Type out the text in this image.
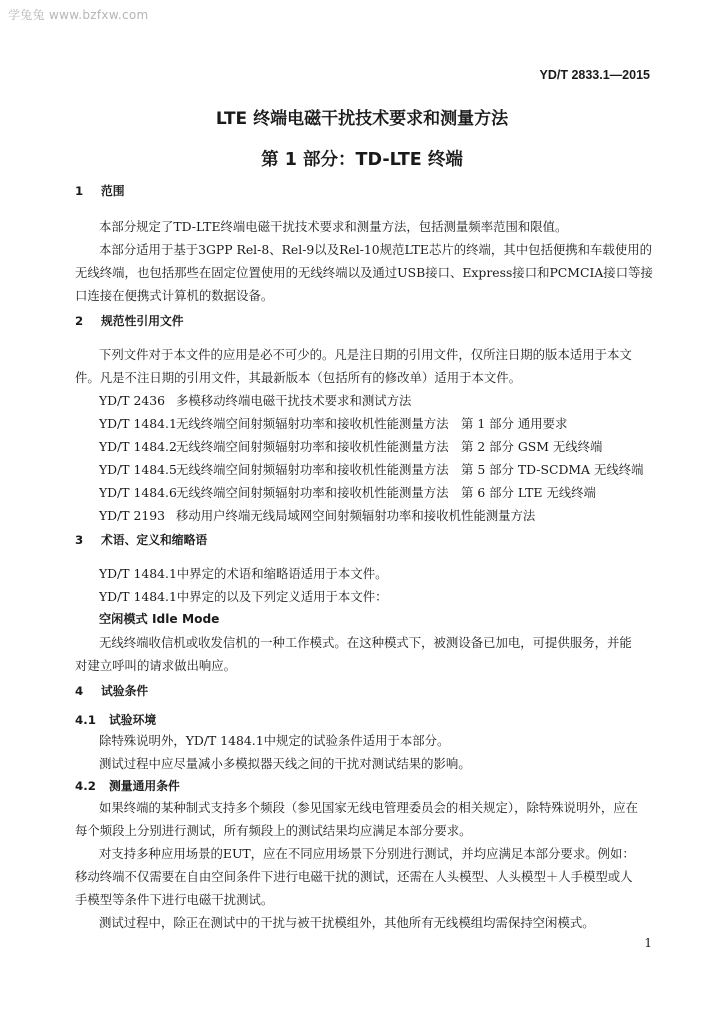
学兔兔 www.bzfxw.com
YD/T 2833.1—2015
LTE 终端电磁干扰技术要求和测量方法
第 1 部分：TD-LTE 终端
1 范围
本部分规定了TD-LTE终端电磁干扰技术要求和测量方法，包括测量频率范围和限值。
本部分适用于基于3GPP Rel-8、Rel-9以及Rel-10规范LTE芯片的终端，其中包括便携和车载使用的
无线终端，也包括那些在固定位置使用的无线终端以及通过USB接口、Express接口和PCMCIA接口等接
口连接在便携式计算机的数据设备。
2 规范性引用文件
下列文件对于本文件的应用是必不可少的。凡是注日期的引用文件，仅所注日期的版本适用于本文
件。凡是不注日期的引用文件，其最新版本（包括所有的修改单）适用于本文件。
YD/T 2436 多模移动终端电磁干扰技术要求和测试方法
YD/T 1484.1无线终端空间射频辐射功率和接收机性能测量方法　第 1 部分 通用要求
YD/T 1484.2无线终端空间射频辐射功率和接收机性能测量方法　第 2 部分 GSM 无线终端
YD/T 1484.5无线终端空间射频辐射功率和接收机性能测量方法　第 5 部分 TD-SCDMA 无线终端
YD/T 1484.6无线终端空间射频辐射功率和接收机性能测量方法　第 6 部分 LTE 无线终端
YD/T 2193 移动用户终端无线局域网空间射频辐射功率和接收机性能测量方法
3 术语、定义和缩略语
YD/T 1484.1中界定的术语和缩略语适用于本文件。
YD/T 1484.1中界定的以及下列定义适用于本文件：
空闲模式 Idle Mode
无线终端收信机或收发信机的一种工作模式。在这种模式下，被测设备已加电，可提供服务，并能
对建立呼叫的请求做出响应。
4 试验条件
4.1 试验环境
除特殊说明外，YD/T 1484.1中规定的试验条件适用于本部分。
测试过程中应尽量减小多模拟器天线之间的干扰对测试结果的影响。
4.2 测量通用条件
如果终端的某种制式支持多个频段（参见国家无线电管理委员会的相关规定），除特殊说明外，应在
每个频段上分别进行测试，所有频段上的测试结果均应满足本部分要求。
对支持多种应用场景的EUT，应在不同应用场景下分别进行测试，并均应满足本部分要求。例如：
移动终端不仅需要在自由空间条件下进行电磁干扰的测试，还需在人头模型、人头模型＋人手模型或人
手模型等条件下进行电磁干扰测试。
测试过程中，除正在测试中的干扰与被干扰模组外，其他所有无线模组均需保持空闲模式。
1
